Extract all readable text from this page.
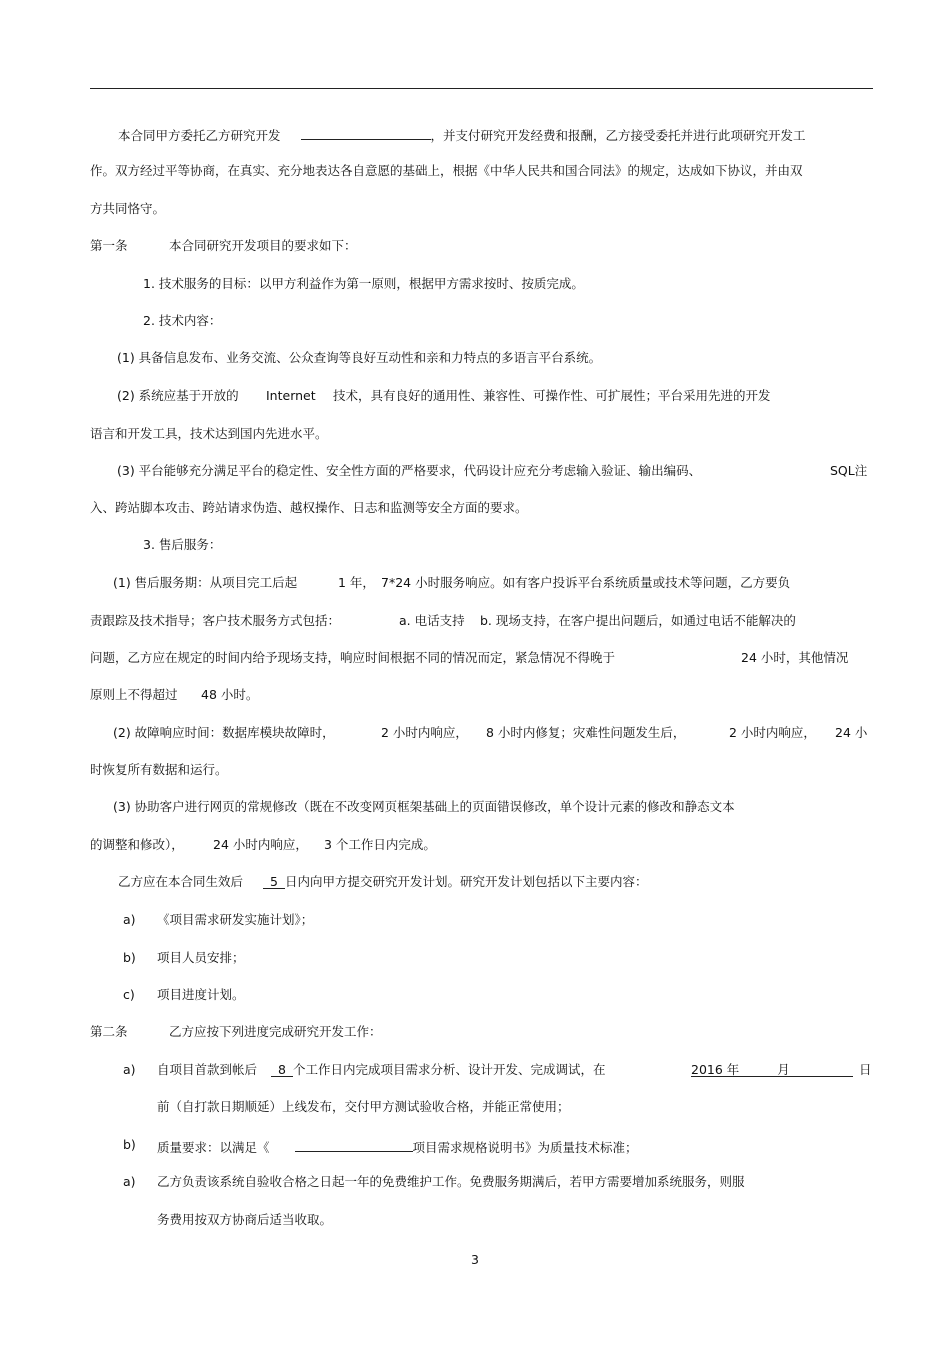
本合同甲方委托乙方研究开发	，并支付研究开发经费和报酬，乙方接受委托并进行此项研究开发工
作。双方经过平等协商，在真实、充分地表达各自意愿的基础上，根据《中华人民共和国合同法》的规定，达成如下协议，并由双
方共同恪守。
第一条	本合同研究开发项目的要求如下：
1. 技术服务的目标：以甲方利益作为第一原则，根据甲方需求按时、按质完成。
2. 技术内容：
(1) 具备信息发布、业务交流、公众查询等良好互动性和亲和力特点的多语言平台系统。
(2) 系统应基于开放的 Internet 技术，具有良好的通用性、兼容性、可操作性、可扩展性；平台采用先进的开发
语言和开发工具，技术达到国内先进水平。
(3) 平台能够充分满足平台的稳定性、安全性方面的严格要求，代码设计应充分考虑输入验证、输出编码、	SQL注
入、跨站脚本攻击、跨站请求伪造、越权操作、日志和监测等安全方面的要求。
3. 售后服务：
(1) 售后服务期：从项目完工后起	1 年， 7*24 小时服务响应。如有客户投诉平台系统质量或技术等问题，乙方要负
责跟踪及技术指导；客户技术服务方式包括：	a. 电话支持 b. 现场支持，在客户提出问题后，如通过电话不能解决的
问题，乙方应在规定的时间内给予现场支持，响应时间根据不同的情况而定，紧急情况不得晚于	24 小时，其他情况
原则上不得超过 48 小时。
(2) 故障响应时间：数据库模块故障时，	2 小时内响应， 8 小时内修复；灾难性问题发生后，	2 小时内响应， 24 小
时恢复所有数据和运行。
(3) 协助客户进行网页的常规修改（既在不改变网页框架基础上的页面错误修改，单个设计元素的修改和静态文本
的调整和修改）， 24 小时内响应， 3 个工作日内完成。
乙方应在本合同生效后 5 日内向甲方提交研究开发计划。研究开发计划包括以下主要内容：
a) 《项目需求研发实施计划》；
b) 项目人员安排；
c) 项目进度计划。
第二条	乙方应按下列进度完成研究开发工作：
a) 自项目首款到帐后 8 个工作日内完成项目需求分析、设计开发、完成调试，在	2016 年	月	日
前（自打款日期顺延）上线发布，交付甲方测试验收合格，并能正常使用；
b) 质量要求：以满足《	项目需求规格说明书》为质量技术标准；
a) 乙方负责该系统自验收合格之日起一年的免费维护工作。免费服务期满后，若甲方需要增加系统服务，则服
务费用按双方协商后适当收取。
3
